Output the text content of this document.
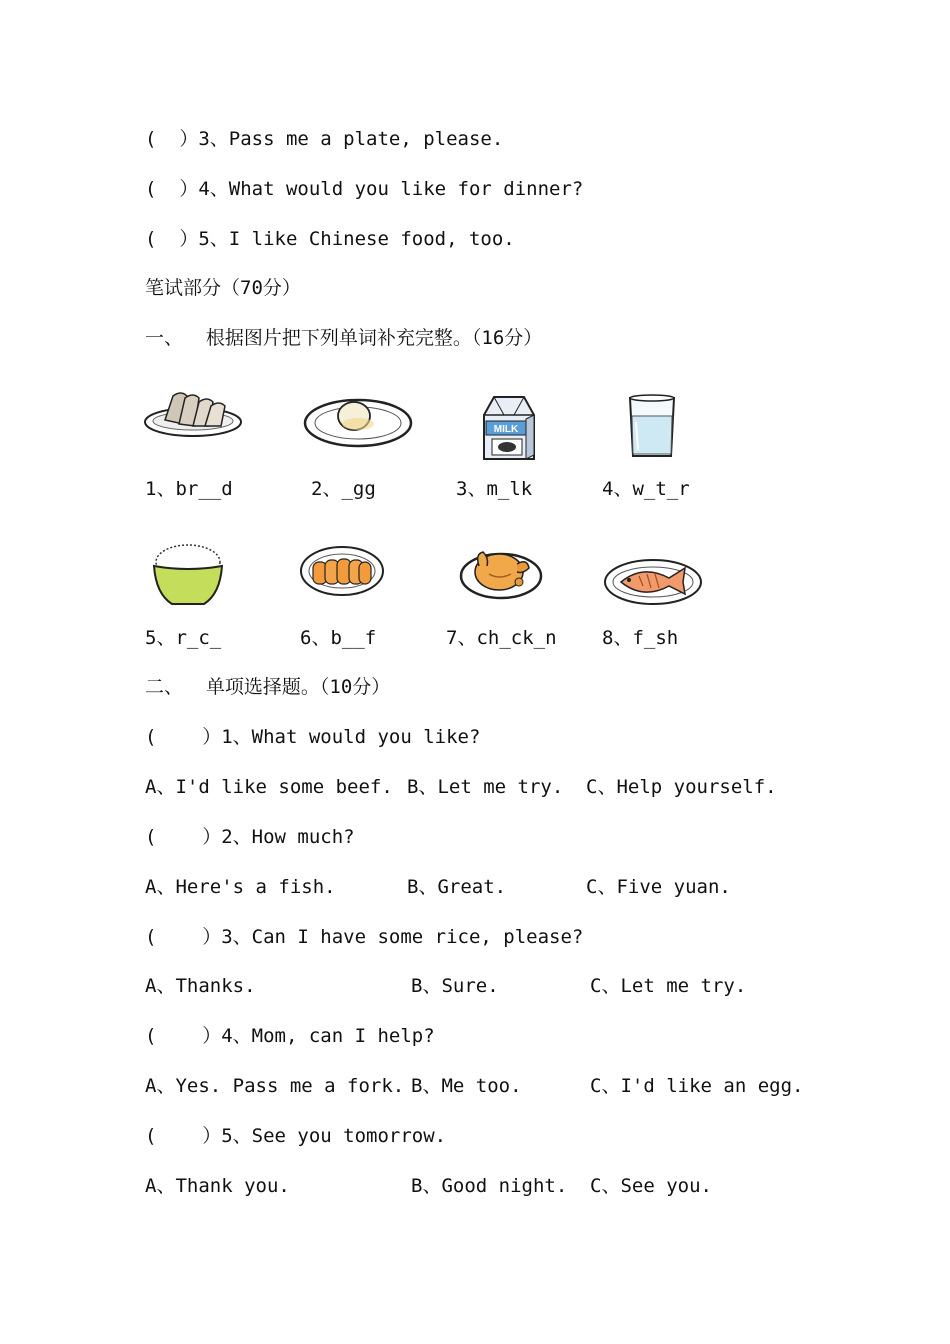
(  ）3、Pass me a plate, please.
(  ）4、What would you like for dinner?
(  ）5、I like Chinese food, too.
笔试部分（70分）
一、  根据图片把下列单词补充完整。（16分）
MILK
1、br__d	2、_gg	3、m_lk	4、w_t_r
5、r_c_	6、b__f	7、ch_ck_n 8、f_sh
二、  单项选择题。（10分）
(    ）1、What would you like?
A、I'd like some beef. B、Let me try. C、Help yourself.
(    ）2、How much?
A、Here's a fish.	B、Great.	C、Five yuan.
(    ）3、Can I have some rice, please?
A、Thanks.	B、Sure.	C、Let me try.
(    ）4、Mom, can I help?
A、Yes. Pass me a fork. B、Me too.	C、I'd like an egg.
(    ）5、See you tomorrow.
A、Thank you.	B、Good night. C、See you.
